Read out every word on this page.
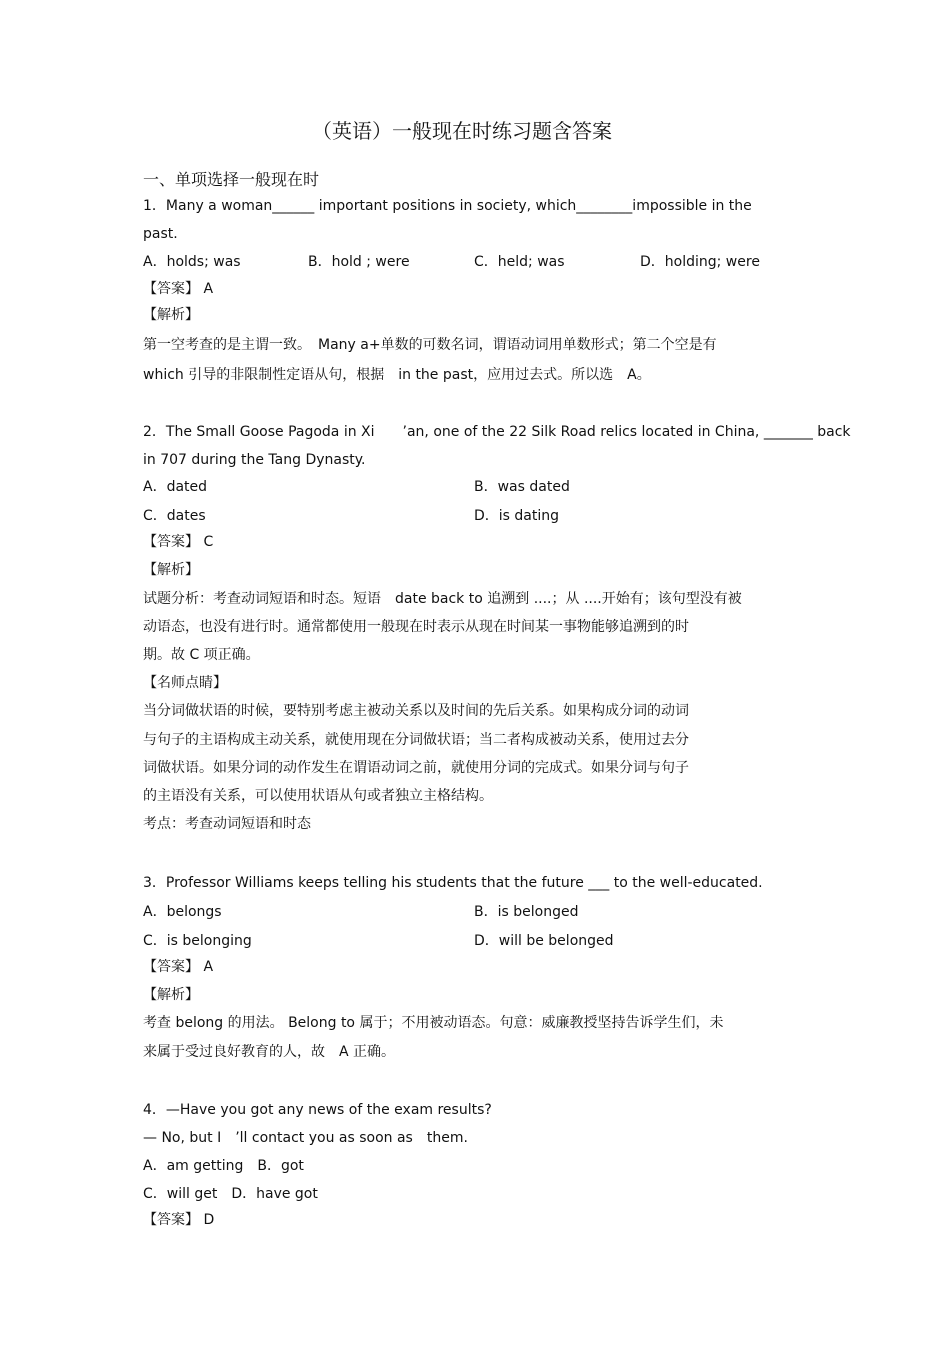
（英语）一般现在时练习题含答案
一、单项选择一般现在时
1．Many a woman______ important positions in society, which________impossible in the
past.
A．holds; was	B．hold ; were	C．held; was	D．holding; were
【答案】 A
【解析】
第一空考查的是主谓一致。　Many a+单数的可数名词，谓语动词用单数形式；第二个空是有
which 引导的非限制性定语从句，根据　in the past，应用过去式。所以选　A。
2．The Small Goose Pagoda in Xi　　’an, one of the 22 Silk Road relics located in China, _______ back
in 707 during the Tang Dynasty.
A．dated	B．was dated
C．dates	D．is dating
【答案】 C
【解析】
试题分析：考查动词短语和时态。短语　date back to 追溯到 ....；从 ....开始有；该句型没有被
动语态，也没有进行时。通常都使用一般现在时表示从现在时间某一事物能够追溯到的时
期。故 C 项正确。
【名师点睛】
当分词做状语的时候，要特别考虑主被动关系以及时间的先后关系。如果构成分词的动词
与句子的主语构成主动关系，就使用现在分词做状语；当二者构成被动关系，使用过去分
词做状语。如果分词的动作发生在谓语动词之前，就使用分词的完成式。如果分词与句子
的主语没有关系，可以使用状语从句或者独立主格结构。
考点：考查动词短语和时态
3．Professor Williams keeps telling his students that the future ___ to the well-educated.
A．belongs	B．is belonged
C．is belonging	D．will be belonged
【答案】 A
【解析】
考查 belong 的用法。 Belong to 属于；不用被动语态。句意：威廉教授坚持告诉学生们，未
来属于受过良好教育的人，故　A 正确。
4．—Have you got any news of the exam results?
— No, but I　’ll contact you as soon as　them.
A．am getting　B．got
C．will get　D．have got
【答案】 D
